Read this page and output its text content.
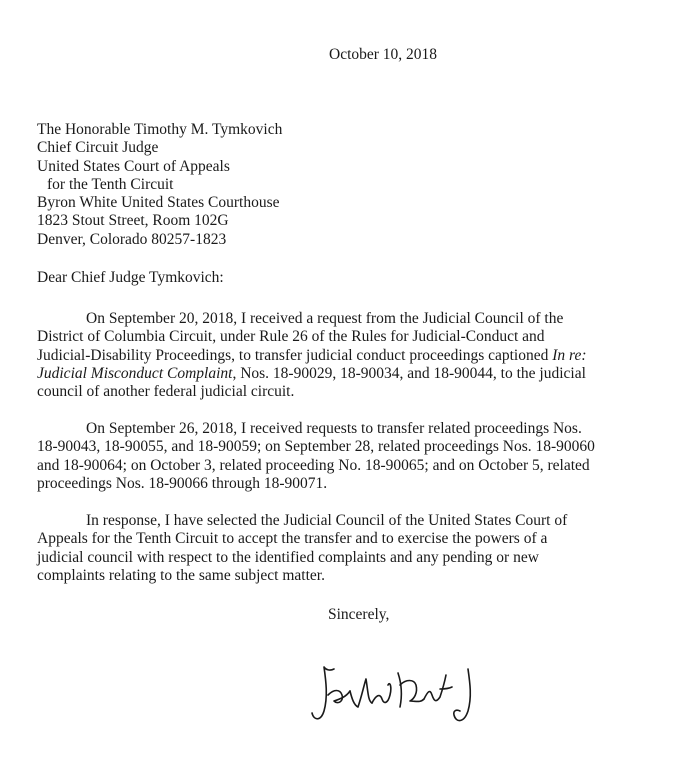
October 10, 2018
The Honorable Timothy M. Tymkovich
Chief Circuit Judge
United States Court of Appeals
for the Tenth Circuit
Byron White United States Courthouse
1823 Stout Street, Room 102G
Denver, Colorado 80257-1823
Dear Chief Judge Tymkovich:
On September 20, 2018, I received a request from the Judicial Council of the
District of Columbia Circuit, under Rule 26 of the Rules for Judicial-Conduct and
Judicial-Disability Proceedings, to transfer judicial conduct proceedings captioned In re:
Judicial Misconduct Complaint, Nos. 18-90029, 18-90034, and 18-90044, to the judicial
council of another federal judicial circuit.
On September 26, 2018, I received requests to transfer related proceedings Nos.
18-90043, 18-90055, and 18-90059; on September 28, related proceedings Nos. 18-90060
and 18-90064; on October 3, related proceeding No. 18-90065; and on October 5, related
proceedings Nos. 18-90066 through 18-90071.
In response, I have selected the Judicial Council of the United States Court of
Appeals for the Tenth Circuit to accept the transfer and to exercise the powers of a
judicial council with respect to the identified complaints and any pending or new
complaints relating to the same subject matter.
Sincerely,
